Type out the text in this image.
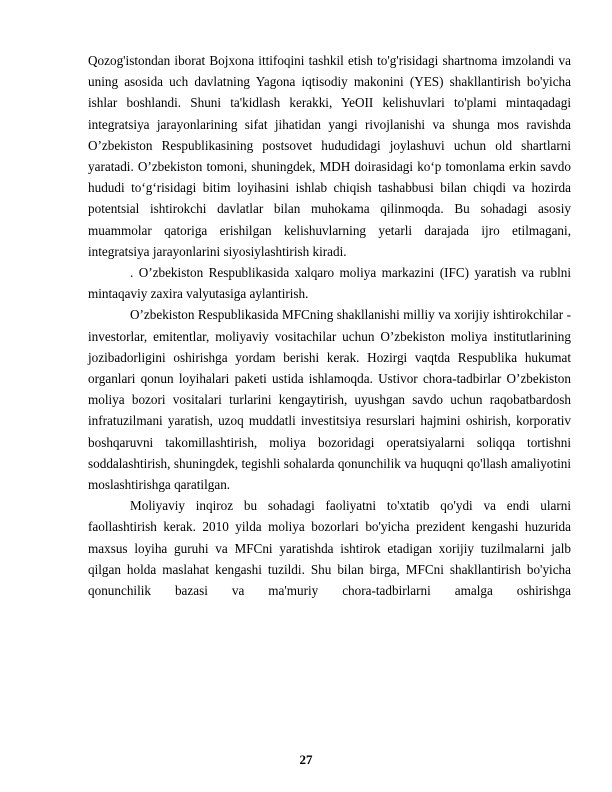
Qozog'istondan iborat Bojxona ittifoqini tashkil etish to'g'risidagi shartnoma imzolandi va uning asosida uch davlatning Yagona iqtisodiy makonini (YES) shakllantirish bo'yicha ishlar boshlandi. Shuni ta'kidlash kerakki, YeOII kelishuvlari to'plami mintaqadagi integratsiya jarayonlarining sifat jihatidan yangi rivojlanishi va shunga mos ravishda O’zbekiston Respublikasining postsovet hududidagi joylashuvi uchun old shartlarni yaratadi. O’zbekiston tomoni, shuningdek, MDH doirasidagi ko‘p tomonlama erkin savdo hududi to‘g‘risidagi bitim loyihasini ishlab chiqish tashabbusi bilan chiqdi va hozirda potentsial ishtirokchi davlatlar bilan muhokama qilinmoqda. Bu sohadagi asosiy muammolar qatoriga erishilgan kelishuvlarning yetarli darajada ijro etilmagani, integratsiya jarayonlarini siyosiylashtirish kiradi.

. O’zbekiston Respublikasida xalqaro moliya markazini (IFC) yaratish va rublni mintaqaviy zaxira valyutasiga aylantirish.

O’zbekiston Respublikasida MFCning shakllanishi milliy va xorijiy ishtirokchilar - investorlar, emitentlar, moliyaviy vositachilar uchun O’zbekiston moliya institutlarining jozibadorligini oshirishga yordam berishi kerak. Hozirgi vaqtda Respublika hukumat organlari qonun loyihalari paketi ustida ishlamoqda. Ustivor chora-tadbirlar O’zbekiston moliya bozori vositalari turlarini kengaytirish, uyushgan savdo uchun raqobatbardosh infratuzilmani yaratish, uzoq muddatli investitsiya resurslari hajmini oshirish, korporativ boshqaruvni takomillashtirish, moliya bozoridagi operatsiyalarni soliqqa tortishni soddalashtirish, shuningdek, tegishli sohalarda qonunchilik va huquqni qo'llash amaliyotini moslashtirishga qaratilgan.

Moliyaviy inqiroz bu sohadagi faoliyatni to'xtatib qo'ydi va endi ularni faollashtirish kerak. 2010 yilda moliya bozorlari bo'yicha prezident kengashi huzurida maxsus loyiha guruhi va MFCni yaratishda ishtirok etadigan xorijiy tuzilmalarni jalb qilgan holda maslahat kengashi tuzildi. Shu bilan birga, MFCni shakllantirish bo'yicha qonunchilik bazasi va ma'muriy chora-tadbirlarni amalga oshirishga

27
